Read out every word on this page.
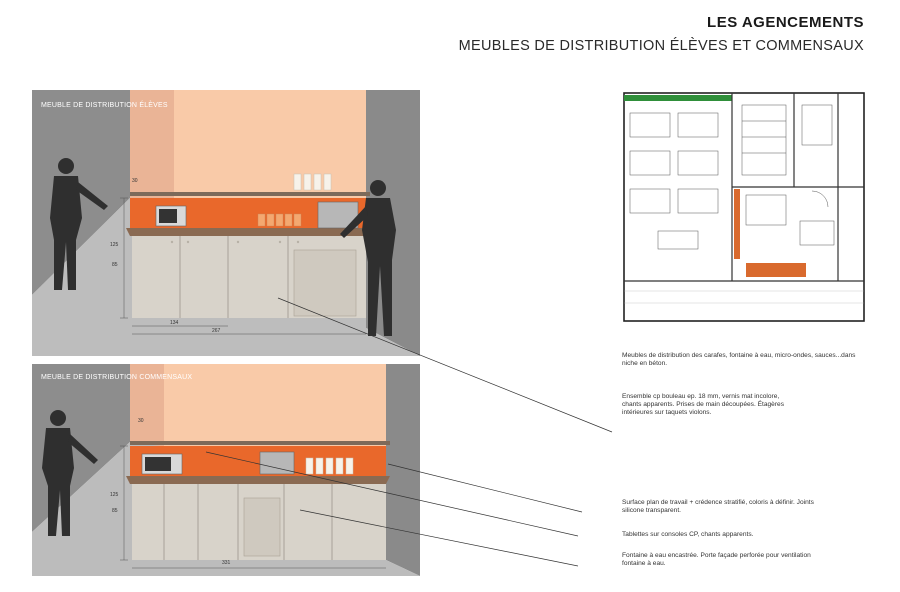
LES AGENCEMENTS
MEUBLES DE DISTRIBUTION ÉLÈVES ET COMMENSAUX
30
125
85
134
267
MEUBLE DE DISTRIBUTION ÉLÈVES
30
125
85
331
MEUBLE DE DISTRIBUTION COMMENSAUX
Meubles de distribution des carafes, fontaine à eau, micro-ondes, sauces...dans niche en béton.
Ensemble cp bouleau ep. 18 mm, vernis mat incolore, chants apparents. Prises de main découpées. Étagères intérieures sur taquets violons.
Surface plan de travail + crédence stratifié, coloris à définir. Joints silicone transparent.
Tablettes sur consoles CP, chants apparents.
Fontaine à eau encastrée. Porte façade perforée pour ventilation fontaine à eau.
